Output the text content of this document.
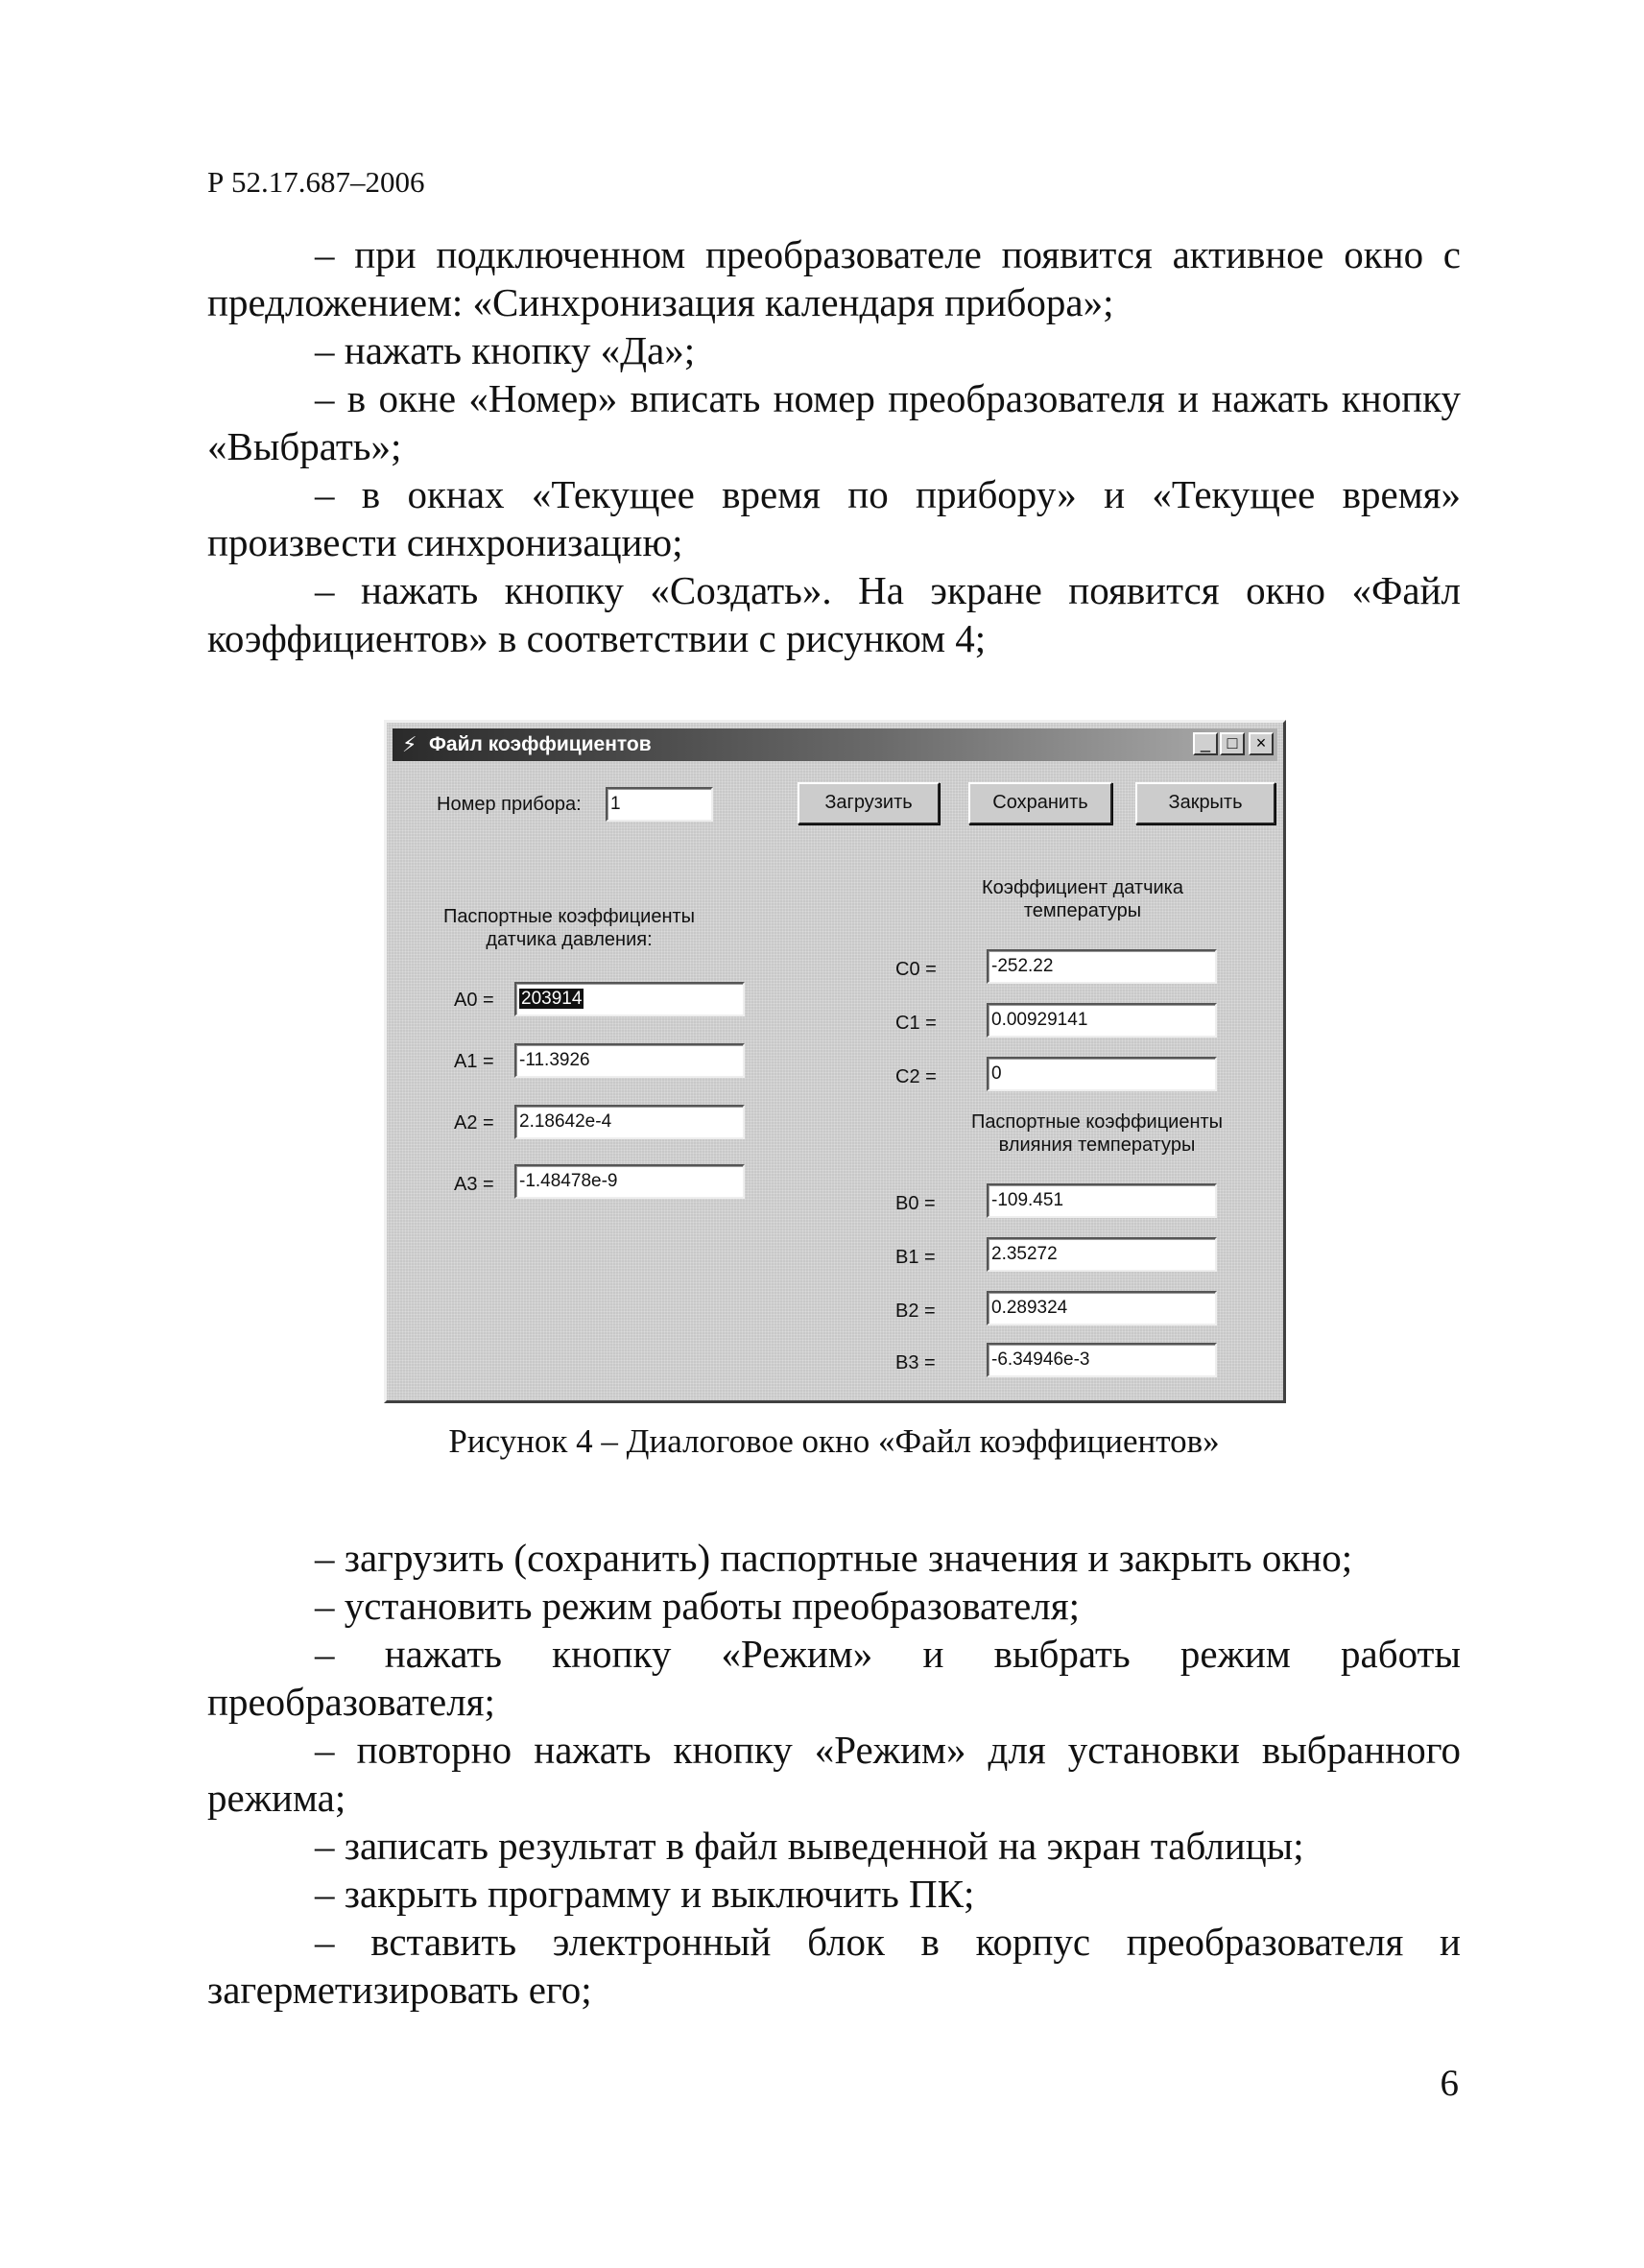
Р 52.17.687–2006

– при подключенном преобразователе появится активное окно с предложением: «Синхронизация календаря прибора»;

– нажать кнопку «Да»;

– в окне «Номер» вписать номер преобразователя и нажать кнопку «Выбрать»;

– в окнах «Текущее время по прибору» и «Текущее время» произвести синхронизацию;

– нажать кнопку «Создать». На экране появится окно «Файл коэффициентов» в соответствии с рисунком 4;

⚡ Файл коэффициентов	_ □	×
Номер прибора: 1	Загрузить	Сохранить	Закрыть
Паспортные коэффициенты датчика давления:
A0 =	203914
A1 = -11.3926
A2 = 2.18642e-4
A3 = -1.48478e-9
Коэффициент датчика температуры
C0 =	-252.22
C1 =	0.00929141
C2 =	0
Паспортные коэффициенты влияния температуры
B0 =	-109.451
B1 =	2.35272
B2 =	0.289324
B3 =	-6.34946e-3
Рисунок 4 – Диалоговое окно «Файл коэффициентов»

– загрузить (сохранить) паспортные значения и закрыть окно;

– установить режим работы преобразователя;

– нажать кнопку «Режим» и выбрать режим работы преобразователя;

– повторно нажать кнопку «Режим» для установки выбранного режима;

– записать результат в файл выведенной на экран таблицы;

– закрыть программу и выключить ПК;

– вставить электронный блок в корпус преобразователя и загерметизировать его;

6
